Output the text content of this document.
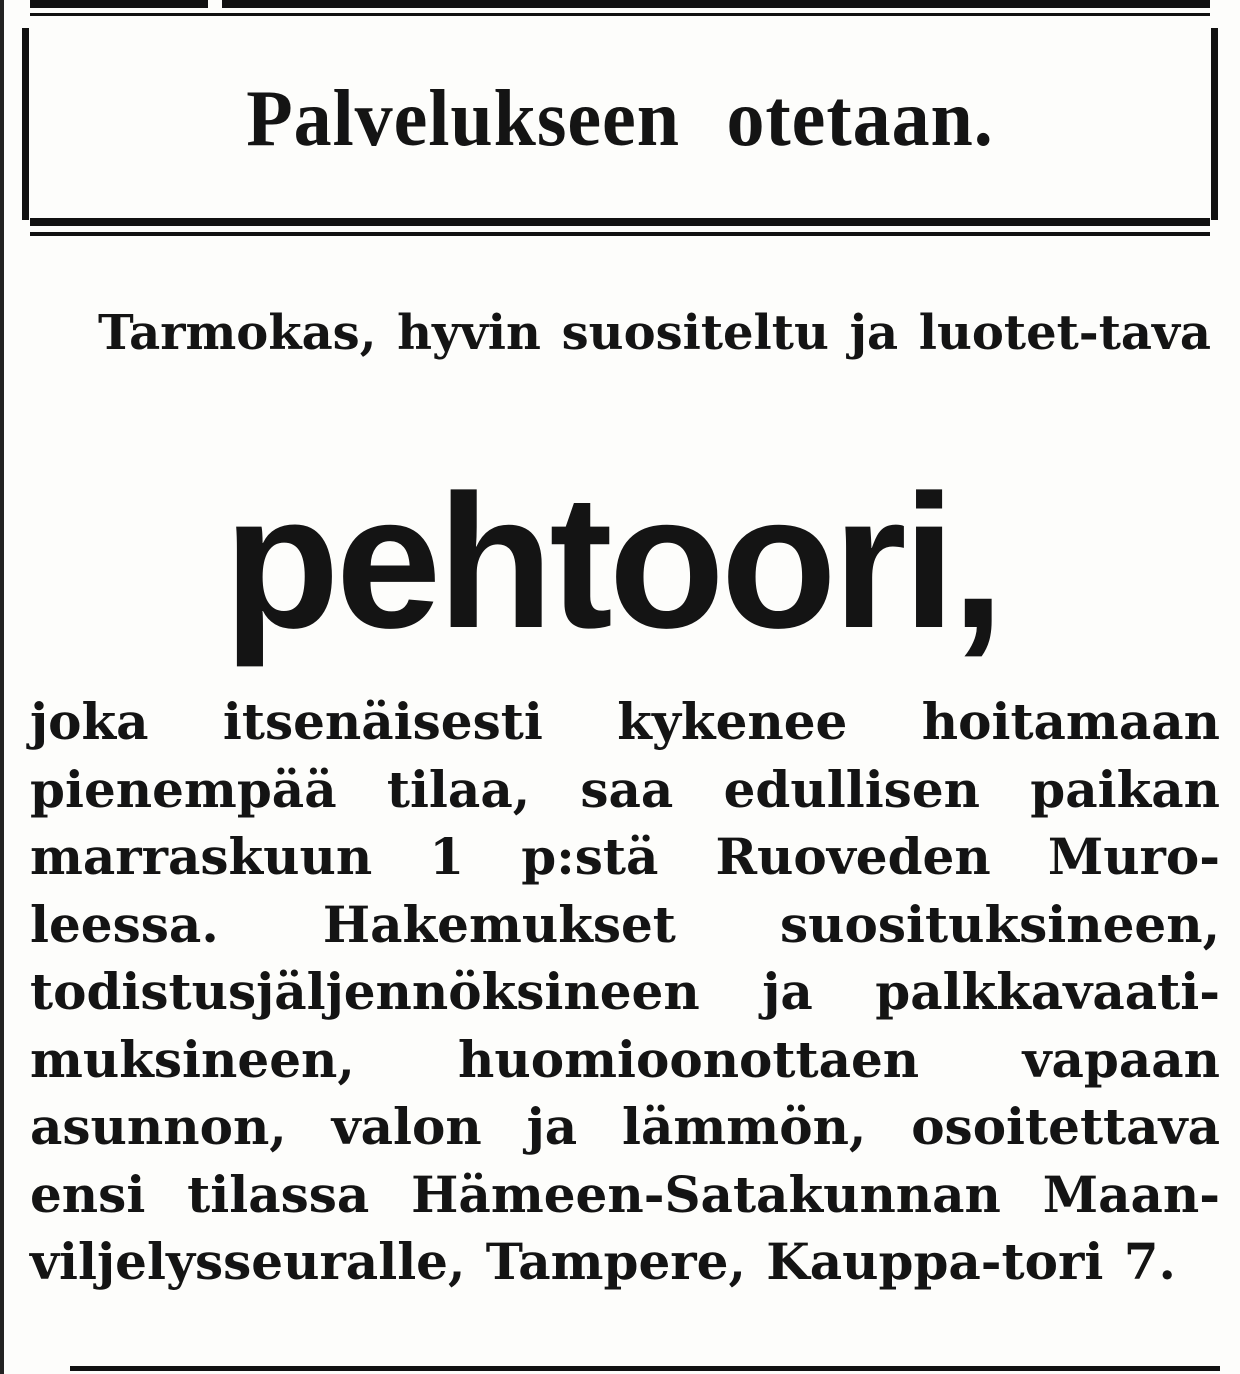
Palvelukseen otetaan.
Tarmokas, hyvin suositeltu ja luotet-tava
pehtoori,
joka itsenäisesti kykenee hoitamaan pienempää tilaa, saa edullisen paikan marraskuun 1 p:stä Ruoveden Muro-leessa. Hakemukset suosituksineen, todistusjäljennöksineen ja palkkavaati-muksineen, huomioonottaen vapaan asunnon, valon ja lämmön, osoitettava ensi tilassa Hämeen-Satakunnan Maan-viljelysseuralle, Tampere, Kauppa-tori 7.
